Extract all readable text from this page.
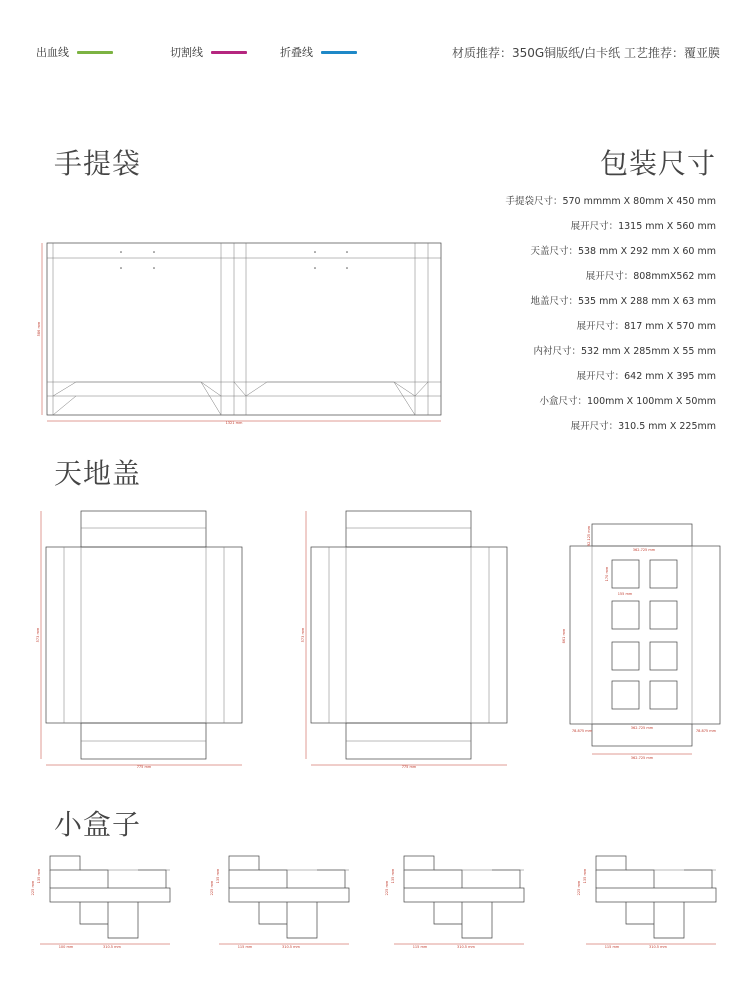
出血线	切割线	折叠线	材质推荐：350G铜版纸/白卡纸 工艺推荐：覆亚膜
手提袋	包装尺寸
天地盖
小盒子
手提袋尺寸：570 mmmm X 80mm X 450 mm
展开尺寸：1315 mm X 560 mm
天盖尺寸：538 mm X 292 mm X 60 mm
展开尺寸：808mmX562 mm
地盖尺寸：535 mm X 288 mm X 63 mm
展开尺寸：817 mm X 570 mm
内衬尺寸：532 mm X 285mm X 55 mm
展开尺寸：642 mm X 395 mm
小盒尺寸：100mm X 100mm X 50mm
展开尺寸：310.5 mm X 225mm
1321 mm
586 mm
775 mm
573 mm
775 mm
573 mm
362.725 mm
92.125 mm
861 mm
155 mm
170 mm
78.875 mm	78.875 mm
362.725 mm
362.725 mm
100 mm	310.5 mm
225 mm
135 mm
115 mm	310.5 mm
225 mm
135 mm
115 mm	310.5 mm
225 mm
135 mm
115 mm	310.5 mm
225 mm
135 mm
